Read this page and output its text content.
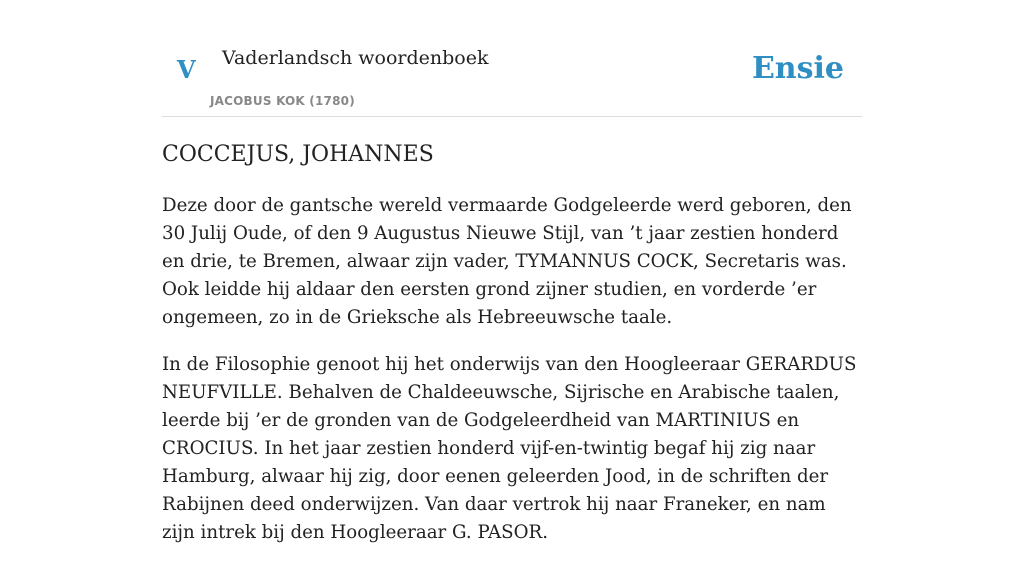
V Vaderlandsch woordenboek
JACOBUS KOK (1780)
Ensie
COCCEJUS, JOHANNES

Deze door de gantsche wereld vermaarde Godgeleerde werd geboren, den 30 Julij Oude, of den 9 Augustus Nieuwe Stijl, van ’t jaar zestien honderd en drie, te Bremen, alwaar zijn vader, TYMANNUS COCK, Secretaris was. Ook leidde hij aldaar den eersten grond zijner studien, en vorderde ’er ongemeen, zo in de Grieksche als Hebreeuwsche taale.

In de Filosophie genoot hij het onderwijs van den Hoogleeraar GERARDUS NEUFVILLE. Behalven de Chaldeeuwsche, Sijrische en Arabische taalen, leerde bij ’er de gronden van de Godgeleerdheid van MARTINIUS en CROCIUS. In het jaar zestien honderd vijf-en-twintig begaf hij zig naar Hamburg, alwaar hij zig, door eenen geleerden Jood, in de schriften der Rabijnen deed onderwijzen. Van daar vertrok hij naar Franeker, en nam zijn intrek bij den Hoogleeraar G. PASOR.
